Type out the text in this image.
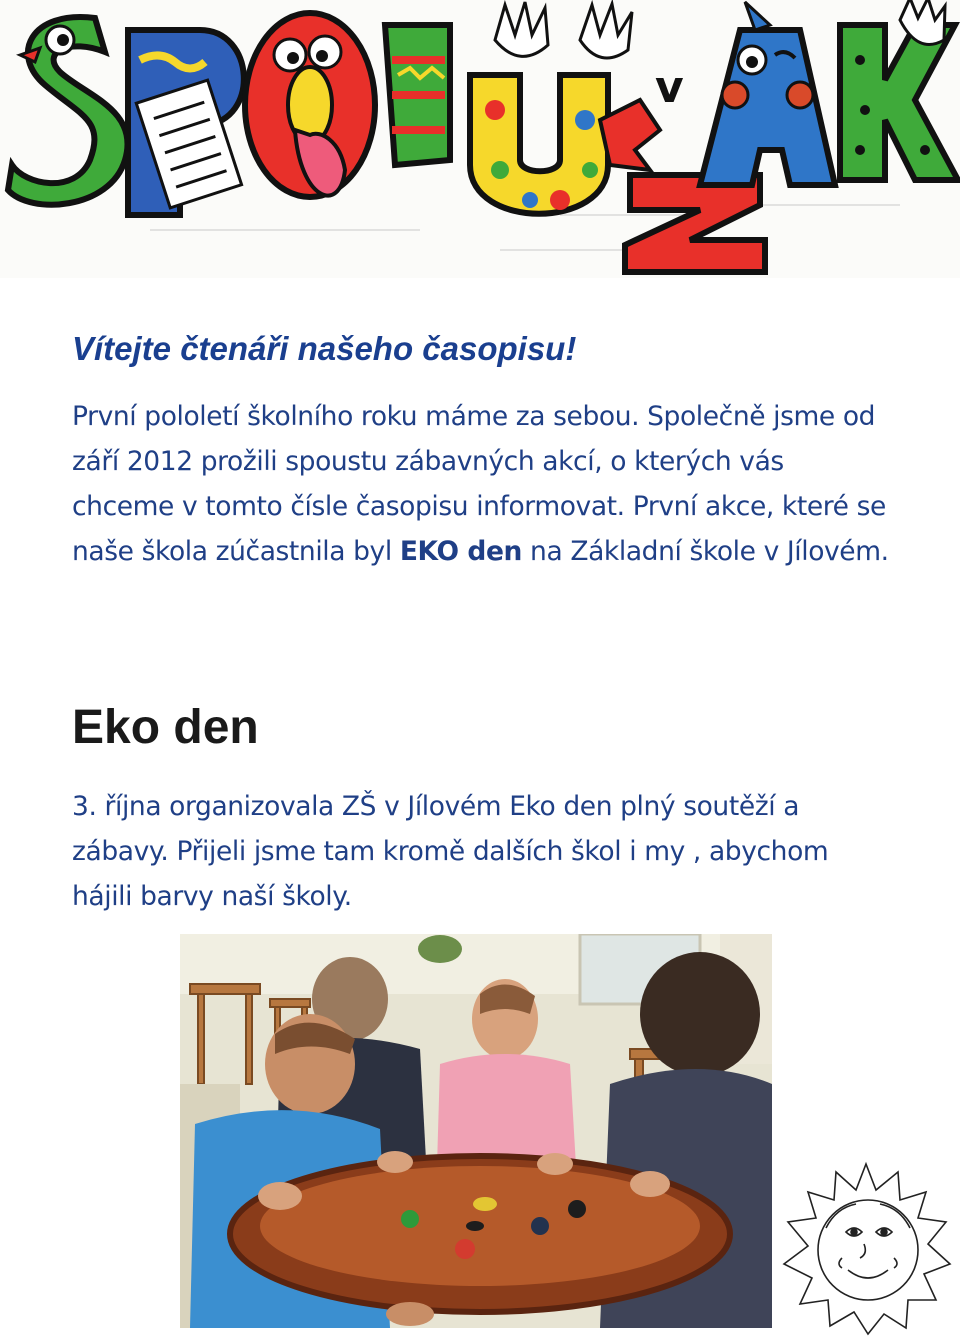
v
Vítejte čtenáři našeho časopisu!

První pololetí školního roku máme za sebou. Společně jsme od září 2012 prožili spoustu zábavných akcí, o kterých vás chceme v tomto čísle časopisu informovat. První akce, které se naše škola zúčastnila byl EKO den na Základní škole v Jílovém.

Eko den

3. října organizovala ZŠ v Jílovém Eko den plný soutěží a zábavy. Přijeli jsme tam kromě dalších škol i my , abychom hájili barvy naší školy.
